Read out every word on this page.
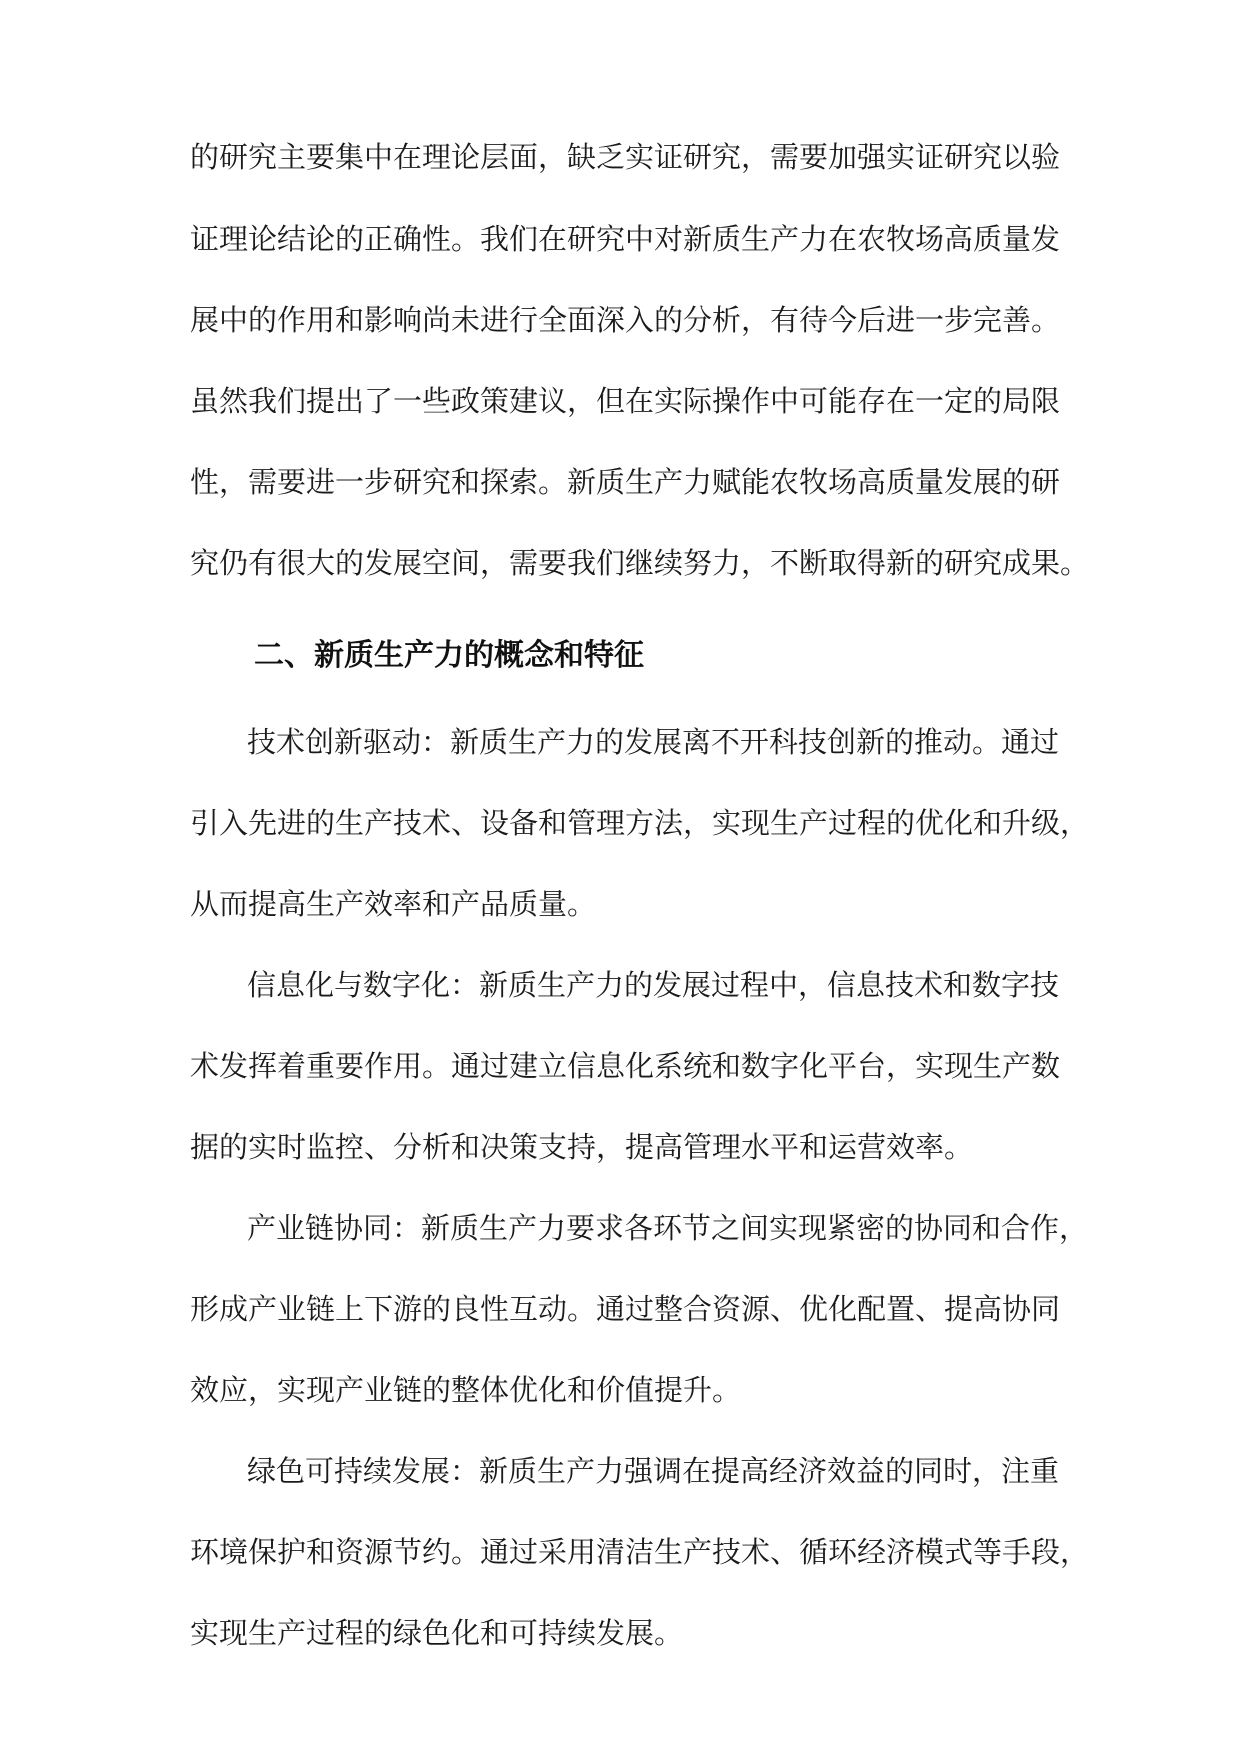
的研究主要集中在理论层面，缺乏实证研究，需要加强实证研究以验

证理论结论的正确性。我们在研究中对新质生产力在农牧场高质量发

展中的作用和影响尚未进行全面深入的分析，有待今后进一步完善。

虽然我们提出了一些政策建议，但在实际操作中可能存在一定的局限

性，需要进一步研究和探索。新质生产力赋能农牧场高质量发展的研

究仍有很大的发展空间，需要我们继续努力，不断取得新的研究成果。

二、新质生产力的概念和特征

技术创新驱动：新质生产力的发展离不开科技创新的推动。通过

引入先进的生产技术、设备和管理方法，实现生产过程的优化和升级，

从而提高生产效率和产品质量。

信息化与数字化：新质生产力的发展过程中，信息技术和数字技

术发挥着重要作用。通过建立信息化系统和数字化平台，实现生产数

据的实时监控、分析和决策支持，提高管理水平和运营效率。

产业链协同：新质生产力要求各环节之间实现紧密的协同和合作，

形成产业链上下游的良性互动。通过整合资源、优化配置、提高协同

效应，实现产业链的整体优化和价值提升。

绿色可持续发展：新质生产力强调在提高经济效益的同时，注重

环境保护和资源节约。通过采用清洁生产技术、循环经济模式等手段，

实现生产过程的绿色化和可持续发展。
